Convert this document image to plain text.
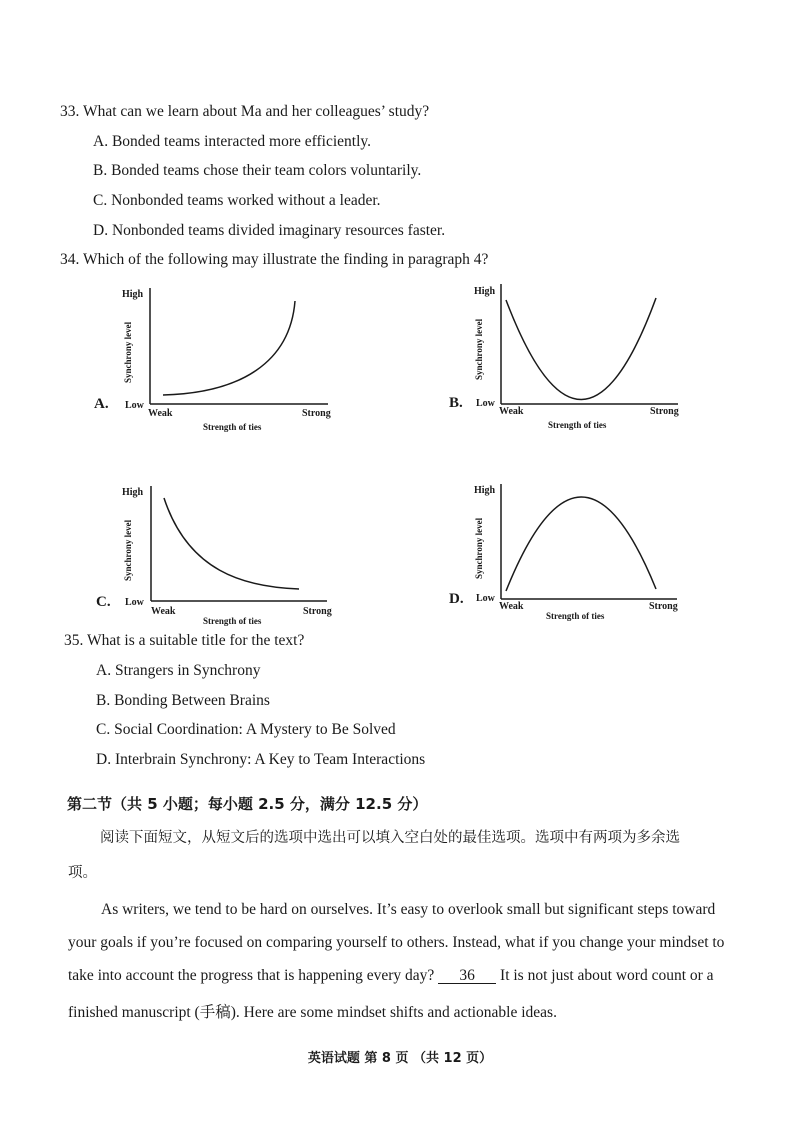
33. What can we learn about Ma and her colleagues’ study?
A. Bonded teams interacted more efficiently.
B. Bonded teams chose their team colors voluntarily.
C. Nonbonded teams worked without a leader.
D. Nonbonded teams divided imaginary resources faster.
34. Which of the following may illustrate the finding in paragraph 4?
High
Synchrony level
A. Low
Weak	Strong
Strength of ties
High
Synchrony level
B. Low
Weak	Strong
Strength of ties
High
Synchrony level
C. Low
Weak	Strong
Strength of ties
High
Synchrony level
D. Low
Weak	Strong
Strength of ties
35. What is a suitable title for the text?
A. Strangers in Synchrony
B. Bonding Between Brains
C. Social Coordination: A Mystery to Be Solved
D. Interbrain Synchrony: A Key to Team Interactions
第二节（共 5 小题；每小题 2.5 分，满分 12.5 分）
阅读下面短文，从短文后的选项中选出可以填入空白处的最佳选项。选项中有两项为多余选
项。
As writers, we tend to be hard on ourselves. It’s easy to overlook small but significant steps toward
your goals if you’re focused on comparing yourself to others. Instead, what if you change your mindset to
take into account the progress that is happening every day? 36 It is not just about word count or a
finished manuscript (手稿). Here are some mindset shifts and actionable ideas.
英语试题 第 8 页 （共 12 页）
